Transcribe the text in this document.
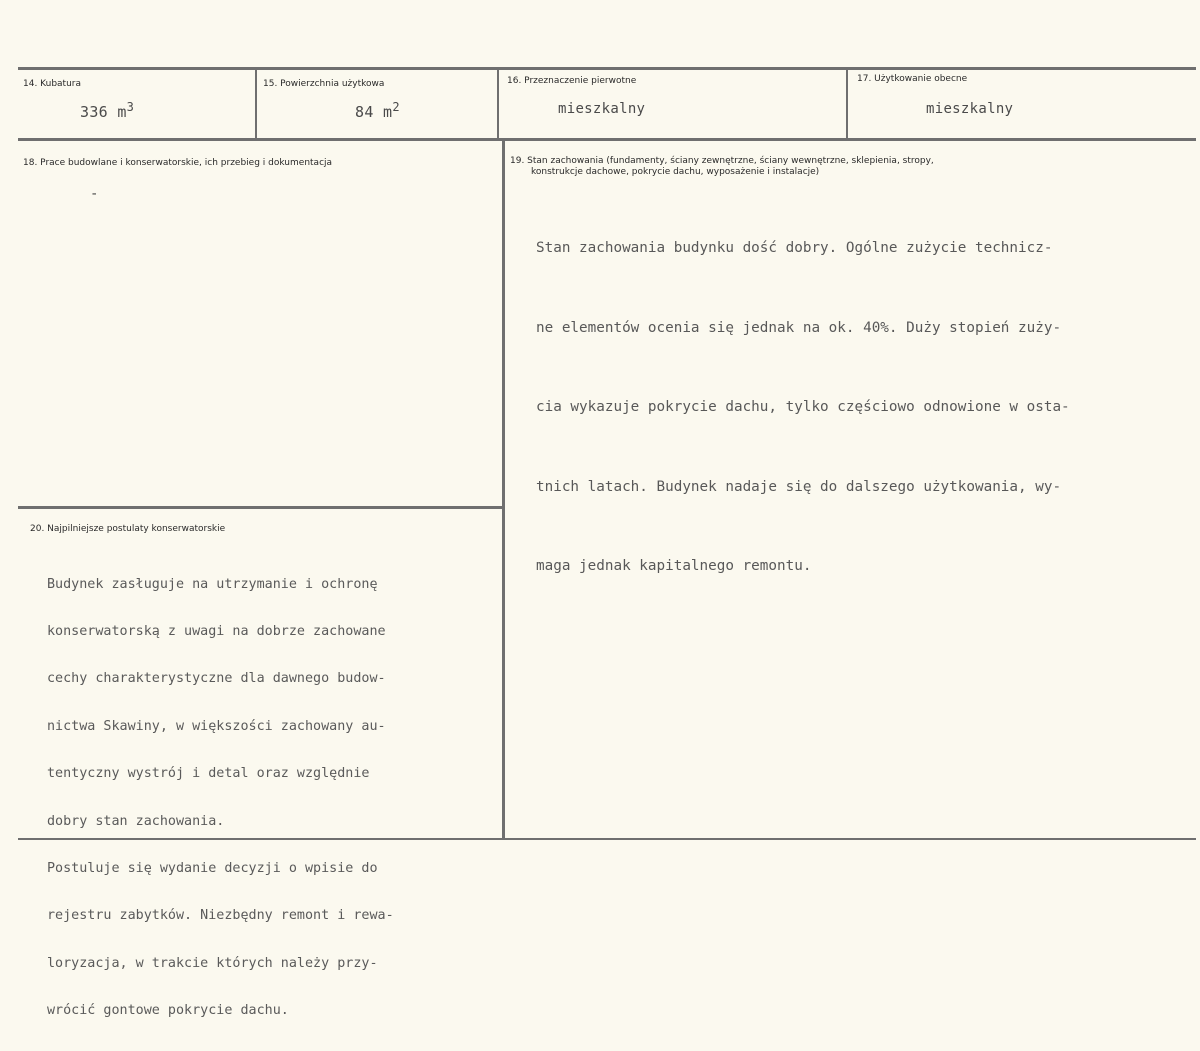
14. Kubatura
336 $m^3$
15. Powierzchnia użytkowa
84 $m^2$
16. Przeznaczenie pierwotne
mieszkalny
17. Użytkowanie obecne
mieszkalny
18. Prace budowlane i konserwatorskie, ich przebieg i dokumentacja
-
19. Stan zachowania (fundamenty, ściany zewnętrzne, ściany wewnętrzne, sklepienia, stropy,
konstrukcje dachowe, pokrycie dachu, wyposażenie i instalacje)

Stan zachowania budynku dość dobry. Ogólne zużycie technicz-

ne elementów ocenia się jednak na ok. 40%. Duży stopień zuży-

cia wykazuje pokrycie dachu, tylko częściowo odnowione w osta-

tnich latach. Budynek nadaje się do dalszego użytkowania, wy-

maga jednak kapitalnego remontu.

20. Najpilniejsze postulaty konserwatorskie

Budynek zasługuje na utrzymanie i ochronę

konserwatorską z uwagi na dobrze zachowane

cechy charakterystyczne dla dawnego budow-

nictwa Skawiny, w większości zachowany au-

tentyczny wystrój i detal oraz względnie

dobry stan zachowania.

Postuluje się wydanie decyzji o wpisie do

rejestru zabytków. Niezbędny remont i rewa-

loryzacja, w trakcie których należy przy-

wrócić gontowe pokrycie dachu.
